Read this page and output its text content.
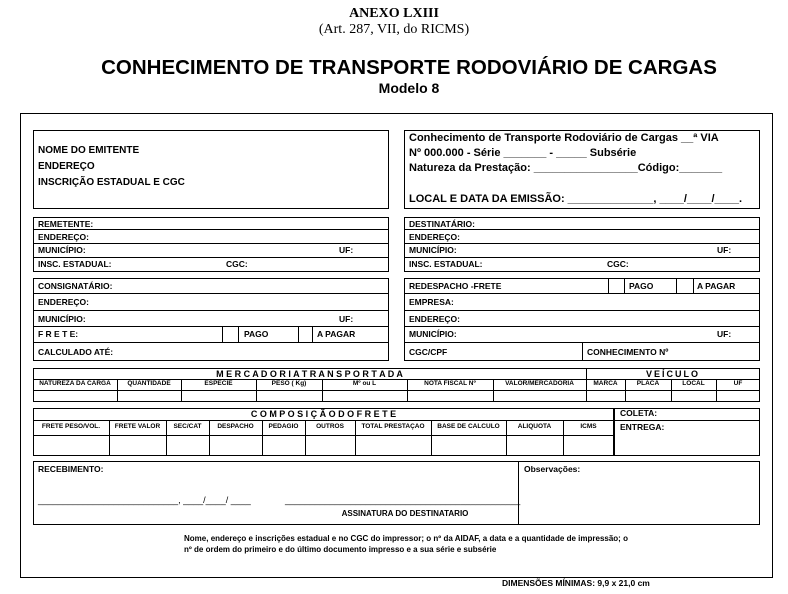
ANEXO LXIII
(Art. 287, VII, do RICMS)
CONHECIMENTO DE TRANSPORTE RODOVIÁRIO DE CARGAS
Modelo 8
NOME DO EMITENTE
ENDEREÇO
INSCRIÇÃO ESTADUAL E CGC
Conhecimento de Transporte Rodoviário de Cargas __ª VIA
Nº 000.000 - Série _______ - _____ Subsérie
Natureza da Prestação: _________________Código:_______
LOCAL E DATA DA EMISSÃO: ______________, ____/____/____.
REMETENTE:
ENDEREÇO:
MUNICÍPIO:	UF:
INSC. ESTADUAL:	CGC:
DESTINATÁRIO:
ENDEREÇO:
MUNICÍPIO:	UF:
INSC. ESTADUAL:	CGC:
CONSIGNATÁRIO:
ENDEREÇO:
MUNICÍPIO:	UF:
F R E T E:	PAGO	A PAGAR
CALCULADO ATÉ:
REDESPACHO -FRETE	PAGO	A PAGAR
EMPRESA:
ENDEREÇO:
MUNICÍPIO:	UF:
CGC/CPF	CONHECIMENTO Nº
M E R C A D O R I A T R A N S P O R T A D A	VEÍCULO
NATUREZA DA CARGA	QUANTIDADE	ESPECIE	PESO ( Kg)	Mº ou L	NOTA FISCAL Nº	VALOR/MERCADORIA	MARCA	PLACA	LOCAL	UF
C O M P O S I Ç Ã O D O F R E T E
FRETE PESO/VOL.	FRETE VALOR	SEC/CAT	DESPACHO	PEDAGIO	OUTROS	TOTAL PRESTAÇAO	BASE DE CALCULO	ALIQUOTA	ICMS
COLETA:
ENTREGA:
RECEBIMENTO:
____________________________, ____/____/ ____	_______________________________________________
ASSINATURA DO DESTINATARIO
Observações:
Nome, endereço e inscrições estadual e no CGC do impressor; o nº da AIDAF, a data e a quantidade de impressão; o nº de ordem do primeiro e do último documento impresso e a sua série e subsérie
DIMENSÕES MÍNIMAS: 9,9 x 21,0 cm
